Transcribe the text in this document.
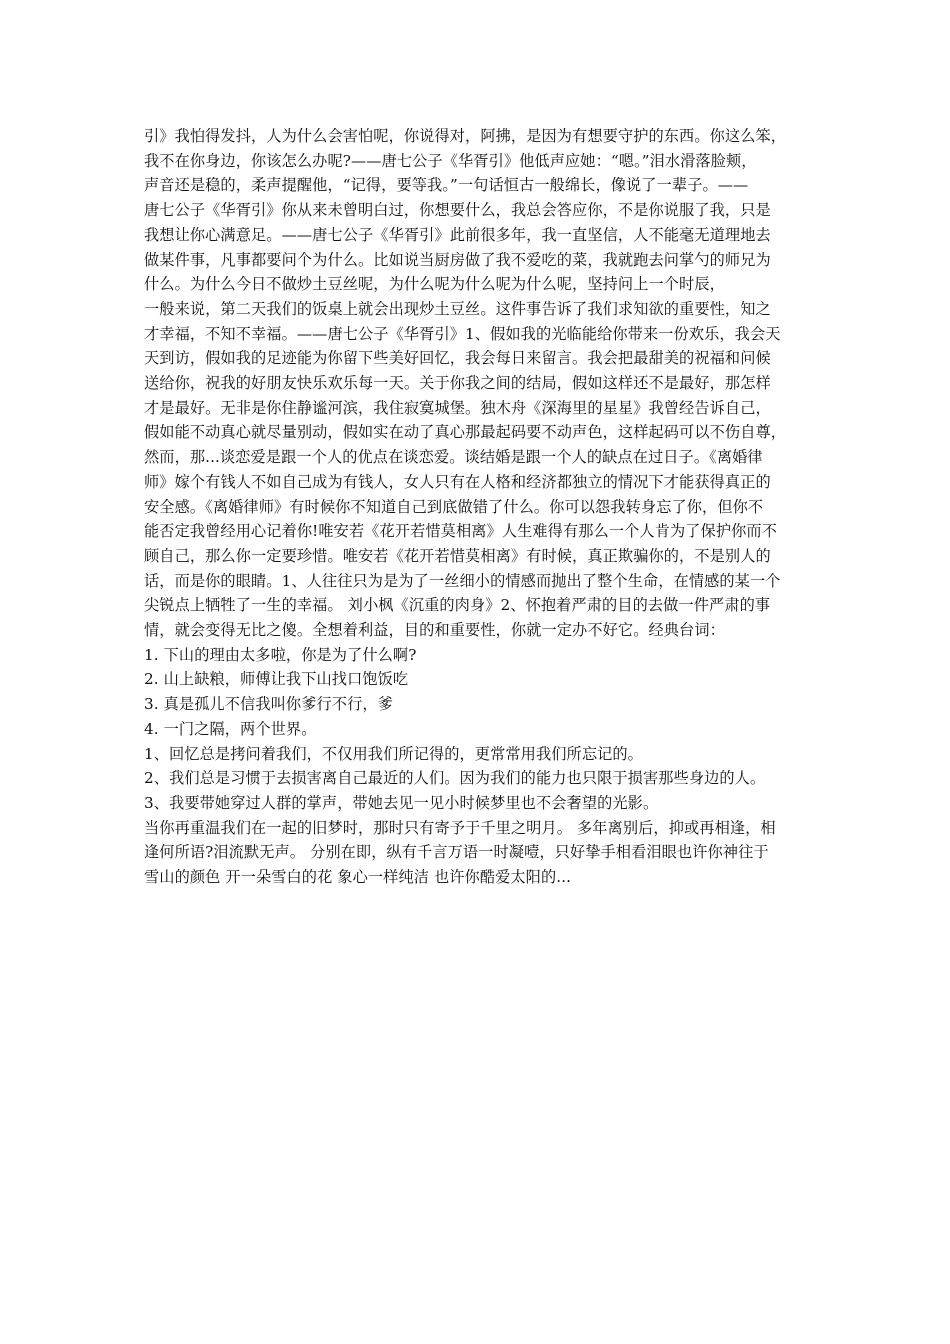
引》我怕得发抖，人为什么会害怕呢，你说得对，阿拂，是因为有想要守护的东西。你这么笨，
我不在你身边，你该怎么办呢?——唐七公子《华胥引》他低声应她：“嗯。”泪水滑落脸颊，
声音还是稳的，柔声提醒他，“记得，要等我。”一句话恒古一般绵长，像说了一辈子。——
唐七公子《华胥引》你从来未曾明白过，你想要什么，我总会答应你，不是你说服了我，只是
我想让你心满意足。——唐七公子《华胥引》此前很多年，我一直坚信，人不能毫无道理地去
做某件事，凡事都要问个为什么。比如说当厨房做了我不爱吃的菜，我就跑去问掌勺的师兄为
什么。为什么今日不做炒土豆丝呢，为什么呢为什么呢为什么呢，坚持问上一个时辰，
一般来说，第二天我们的饭桌上就会出现炒土豆丝。这件事告诉了我们求知欲的重要性，知之
才幸福，不知不幸福。——唐七公子《华胥引》1、假如我的光临能给你带来一份欢乐，我会天
天到访，假如我的足迹能为你留下些美好回忆，我会每日来留言。我会把最甜美的祝福和问候
送给你，祝我的好朋友快乐欢乐每一天。关于你我之间的结局，假如这样还不是最好，那怎样
才是最好。无非是你住静谧河滨，我住寂寞城堡。独木舟《深海里的星星》我曾经告诉自己，
假如能不动真心就尽量别动，假如实在动了真心那最起码要不动声色，这样起码可以不伤自尊，
然而，那...谈恋爱是跟一个人的优点在谈恋爱。谈结婚是跟一个人的缺点在过日子。《离婚律
师》嫁个有钱人不如自己成为有钱人，女人只有在人格和经济都独立的情况下才能获得真正的
安全感。《离婚律师》有时候你不知道自己到底做错了什么。你可以怨我转身忘了你，但你不
能否定我曾经用心记着你!唯安若《花开若惜莫相离》人生难得有那么一个人肯为了保护你而不
顾自己，那么你一定要珍惜。唯安若《花开若惜莫相离》有时候，真正欺骗你的，不是别人的
话，而是你的眼睛。1、人往往只为是为了一丝细小的情感而抛出了整个生命，在情感的某一个
尖锐点上牺牲了一生的幸福。 刘小枫《沉重的肉身》2、怀抱着严肃的目的去做一件严肃的事
情，就会变得无比之傻。全想着利益，目的和重要性，你就一定办不好它。经典台词：
1. 下山的理由太多啦，你是为了什么啊?
2. 山上缺粮，师傅让我下山找口饱饭吃
3. 真是孤儿不信我叫你爹行不行，爹
4. 一门之隔，两个世界。
1、回忆总是拷问着我们，不仅用我们所记得的，更常常用我们所忘记的。
2、我们总是习惯于去损害离自己最近的人们。因为我们的能力也只限于损害那些身边的人。
3、我要带她穿过人群的掌声，带她去见一见小时候梦里也不会奢望的光影。
当你再重温我们在一起的旧梦时，那时只有寄予于千里之明月。 多年离别后，抑或再相逢，相
逢何所语?泪流默无声。 分别在即，纵有千言万语一时凝噎，只好挚手相看泪眼也许你神往于
雪山的颜色 开一朵雪白的花 象心一样纯洁 也许你酷爱太阳的...
